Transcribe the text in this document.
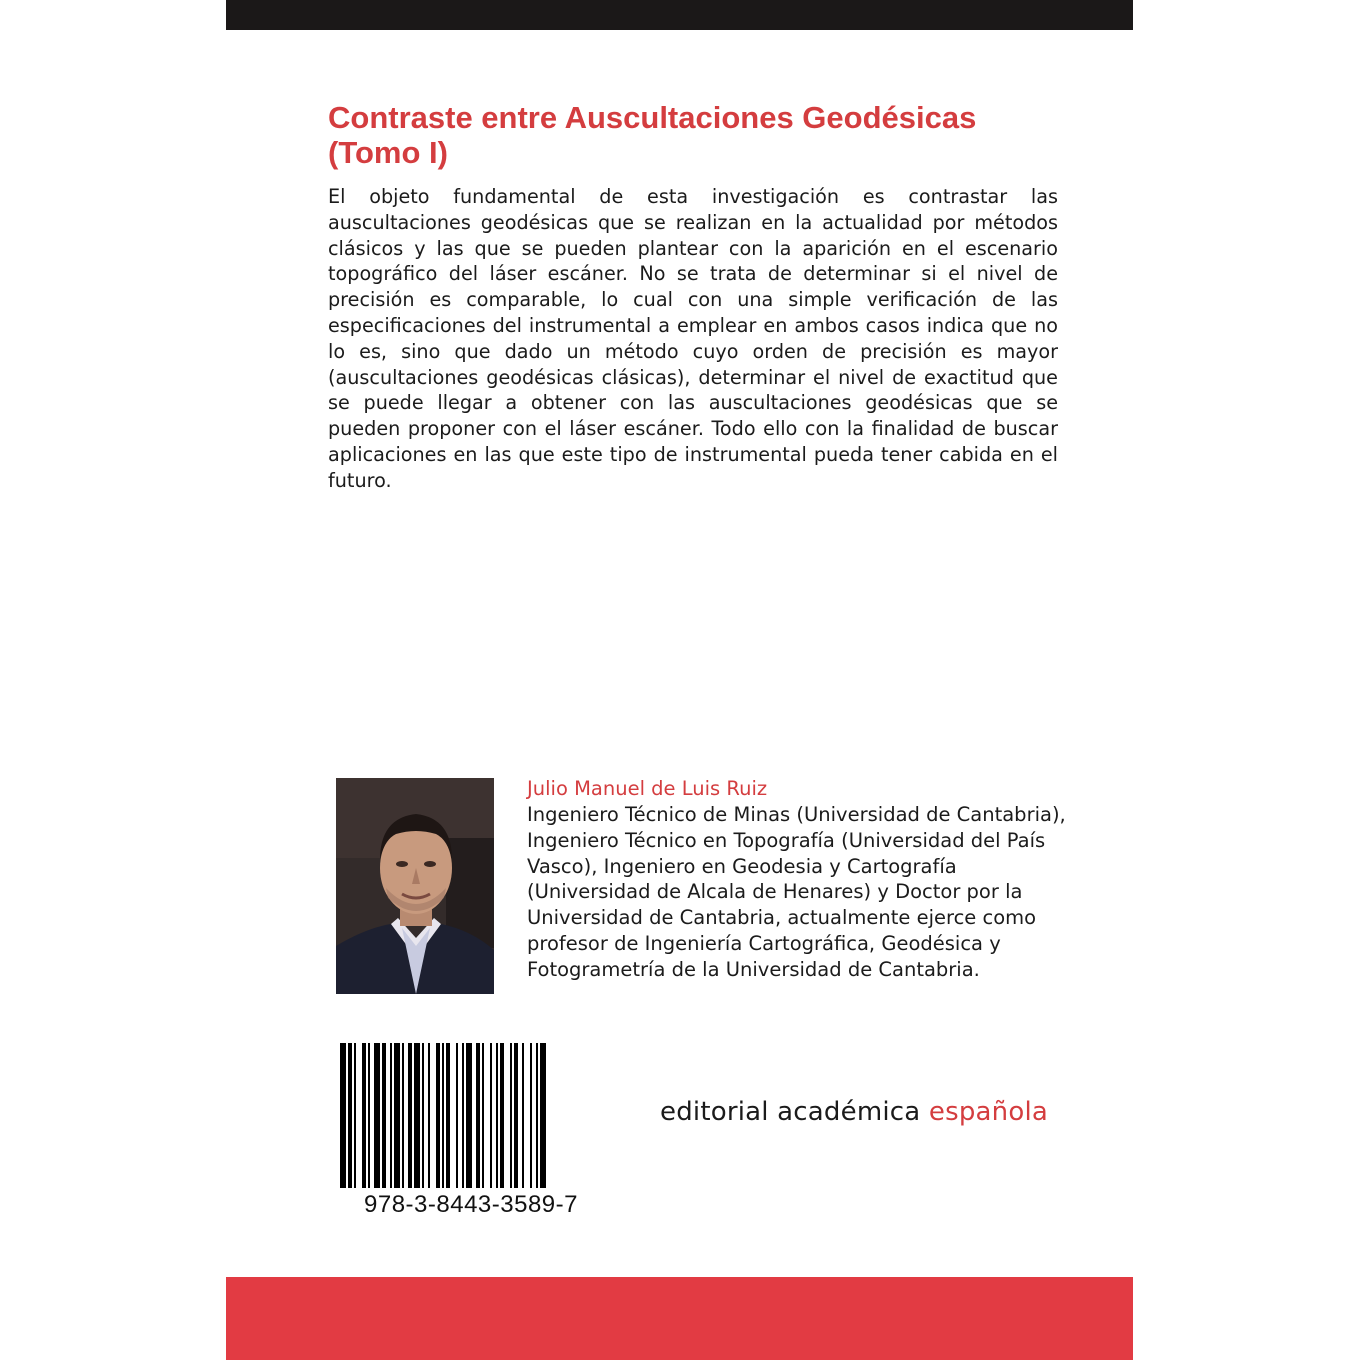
Contraste entre Auscultaciones Geodésicas (Tomo I)

El objeto fundamental de esta investigación es contrastar las auscultaciones geodésicas que se realizan en la actualidad por métodos clásicos y las que se pueden plantear con la aparición en el escenario topográfico del láser escáner. No se trata de determinar si el nivel de precisión es comparable, lo cual con una simple verificación de las especificaciones del instrumental a emplear en ambos casos indica que no lo es, sino que dado un método cuyo orden de precisión es mayor (auscultaciones geodésicas clásicas), determinar el nivel de exactitud que se puede llegar a obtener con las auscultaciones geodésicas que se pueden proponer con el láser escáner. Todo ello con la finalidad de buscar aplicaciones en las que este tipo de instrumental pueda tener cabida en el futuro.

Julio Manuel de Luis Ruiz

Ingeniero Técnico de Minas (Universidad de Cantabria), Ingeniero Técnico en Topografía (Universidad del País Vasco), Ingeniero en Geodesia y Cartografía (Universidad de Alcala de Henares) y Doctor por la Universidad de Cantabria, actualmente ejerce como profesor de Ingeniería Cartográfica, Geodésica y Fotogrametría de la Universidad de Cantabria.

978-3-8443-3589-7

editorial académica española
